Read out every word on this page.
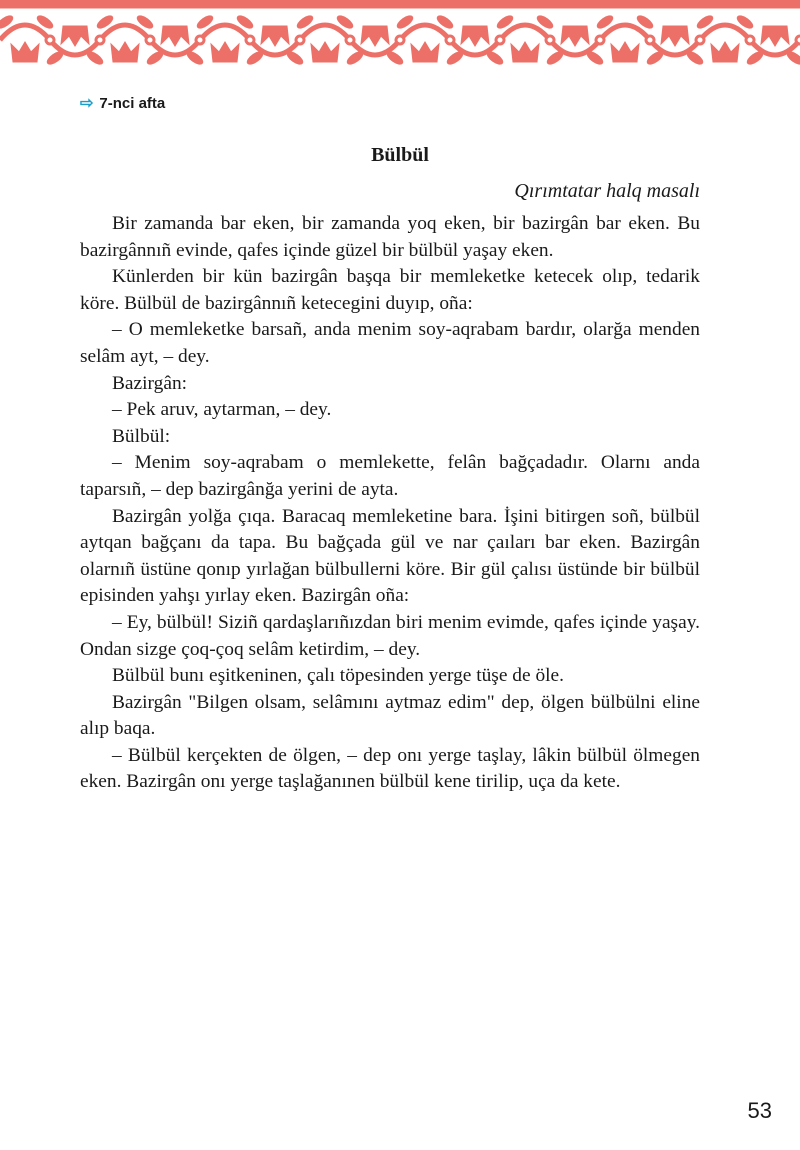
⇨ 7-nci afta
Bülbül
Qırımtatar halq masalı

Bir zamanda bar eken, bir zamanda yoq eken, bir bazirgân bar eken. Bu bazirgânnıñ evinde, qafes içinde güzel bir bülbül yaşay eken.

Künlerden bir kün bazirgân başqa bir memleketke ketecek olıp, tedarik köre. Bülbül de bazirgânnıñ ketecegini duyıp, oña:

– O memleketke barsañ, anda menim soy-aqrabam bardır, olarğa menden selâm ayt, – dey.

Bazirgân:

– Pek aruv, aytarman, – dey.

Bülbül:

– Menim soy-aqrabam o memlekette, felân bağçadadır. Olarnı anda taparsıñ, – dep bazirgânğa yerini de ayta.

Bazirgân yolğa çıqa. Baracaq memleketine bara. İşini bitirgen soñ, bülbül aytqan bağçanı da tapa. Bu bağçada gül ve nar çaıları bar eken. Bazirgân olarnıñ üstüne qonıp yırlağan bülbullerni köre. Bir gül çalısı üstünde bir bülbül episinden yahşı yırlay eken. Bazirgân oña:

– Ey, bülbül! Siziñ qardaşlarıñızdan biri menim evimde, qafes içinde yaşay. Ondan sizge çoq-çoq selâm ketirdim, – dey.

Bülbül bunı eşitkeninen, çalı töpesinden yerge tüşe de öle.

Bazirgân "Bilgen olsam, selâmını aytmaz edim" dep, ölgen bülbülni eline alıp baqa.

– Bülbül kerçekten de ölgen, – dep onı yerge taşlay, lâkin bülbül ölmegen eken. Bazirgân onı yerge taşlağanınen bülbül kene tirilip, uça da kete.

53
